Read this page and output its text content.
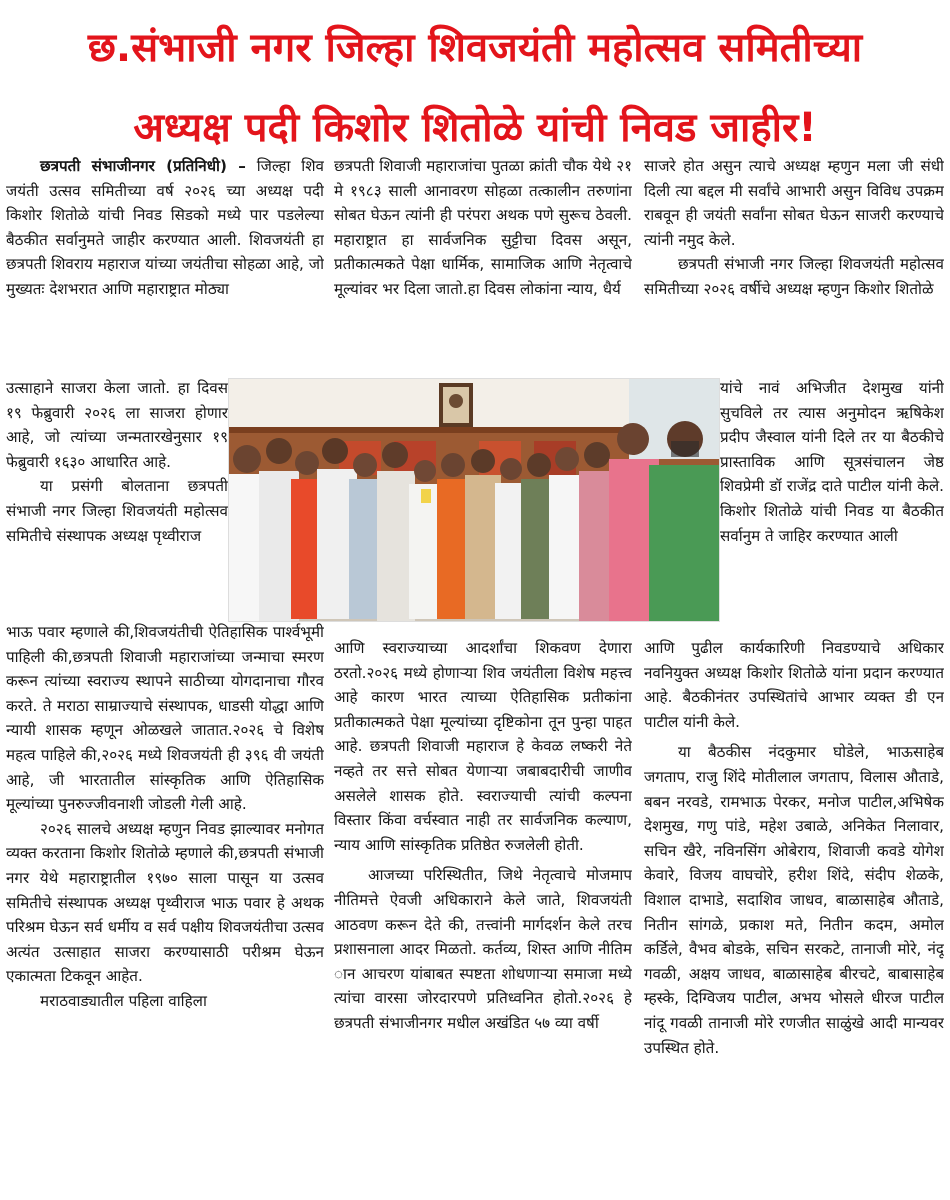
छ.संभाजी नगर जिल्हा शिवजयंती महोत्सव समितीच्या
अध्यक्ष पदी किशोर शितोळे यांची निवड जाहीर!

छत्रपती संभाजीनगर (प्रतिनिधी) – जिल्हा शिव जयंती उत्सव समितीच्या वर्ष २०२६ च्या अध्यक्ष पदी किशोर शितोळे यांची निवड सिडको मध्ये पार पडलेल्या बैठकीत सर्वानुमते जाहीर करण्यात आली. शिवजयंती हा छत्रपती शिवराय महाराज यांच्या जयंतीचा सोहळा आहे, जो मुख्यतः देशभरात आणि महाराष्ट्रात मोठ्या

उत्साहाने साजरा केला जातो. हा दिवस १९ फेब्रुवारी २०२६ ला साजरा होणार आहे, जो त्यांच्या जन्मतारखेनुसार १९ फेब्रुवारी १६३० आधारित आहे.

या प्रसंगी बोलताना छत्रपती संभाजी नगर जिल्हा शिवजयंती महोत्सव समितीचे संस्थापक अध्यक्ष पृथ्वीराज

भाऊ पवार म्हणाले की,शिवजयंतीची ऐतिहासिक पार्श्वभूमी पाहिली की,छत्रपती शिवाजी महाराजांच्या जन्माचा स्मरण करून त्यांच्या स्वराज्य स्थापने साठीच्या योगदानाचा गौरव करते. ते मराठा साम्राज्याचे संस्थापक, धाडसी योद्धा आणि न्यायी शासक म्हणून ओळखले जातात.२०२६ चे विशेष महत्व पाहिले की,२०२६ मध्ये शिवजयंती ही ३९६ वी जयंती आहे, जी भारतातील सांस्कृतिक आणि ऐतिहासिक मूल्यांच्या पुनरुज्जीवनाशी जोडली गेली आहे.

२०२६ सालचे अध्यक्ष म्हणुन निवड झाल्यावर मनोगत व्यक्त करताना किशोर शितोळे म्हणाले की,छत्रपती संभाजी नगर येथे महाराष्ट्रातील १९७० साला पासून या उत्सव समितीचे संस्थापक अध्यक्ष पृथ्वीराज भाऊ पवार हे अथक परिश्रम घेऊन सर्व धर्मीय व सर्व पक्षीय शिवजयंतीचा उत्सव अत्यंत उत्साहात साजरा करण्यासाठी परीश्रम घेऊन एकात्मता टिकवून आहेत.

मराठवाड्यातील पहिला वाहिला

छत्रपती शिवाजी महाराजांचा पुतळा क्रांती चौक येथे २१ मे १९८३ साली आनावरण सोहळा तत्कालीन तरुणांना सोबत घेऊन त्यांनी ही परंपरा अथक पणे सुरूच ठेवली. महाराष्ट्रात हा सार्वजनिक सुट्टीचा दिवस असून, प्रतीकात्मकते पेक्षा धार्मिक, सामाजिक आणि नेतृत्वाचे मूल्यांवर भर दिला जातो.हा दिवस लोकांना न्याय, धैर्य

आणि स्वराज्याच्या आदर्शांचा शिकवण देणारा ठरतो.२०२६ मध्ये होणाऱ्या शिव जयंतीला विशेष महत्त्व आहे कारण भारत त्याच्या ऐतिहासिक प्रतीकांना प्रतीकात्मकते पेक्षा मूल्यांच्या दृष्टिकोना तून पुन्हा पाहत आहे. छत्रपती शिवाजी महाराज हे केवळ लष्करी नेते नव्हते तर सत्ते सोबत येणाऱ्या जबाबदारीची जाणीव असलेले शासक होते. स्वराज्याची त्यांची कल्पना विस्तार किंवा वर्चस्वात नाही तर सार्वजनिक कल्याण, न्याय आणि सांस्कृतिक प्रतिष्ठेत रुजलेली होती.

आजच्या परिस्थितीत, जिथे नेतृत्वाचे मोजमाप नीतिमत्ते ऐवजी अधिकाराने केले जाते, शिवजयंती आठवण करून देते की, तत्त्वांनी मार्गदर्शन केले तरच प्रशासनाला आदर मिळतो. कर्तव्य, शिस्त आणि नीतिम ान आचरण यांबाबत स्पष्टता शोधणाऱ्या समाजा मध्ये त्यांचा वारसा जोरदारपणे प्रतिध्वनित होतो.२०२६ हे छत्रपती संभाजीनगर मधील अखंडित ५७ व्या वर्षी

साजरे होत असुन त्याचे अध्यक्ष म्हणुन मला जी संधी दिली त्या बद्दल मी सर्वांचे आभारी असुन विविध उपक्रम राबवून ही जयंती सर्वांना सोबत घेऊन साजरी करण्याचे त्यांनी नमुद केले.

छत्रपती संभाजी नगर जिल्हा शिवजयंती महोत्सव समितीच्या २०२६ वर्षीचे अध्यक्ष म्हणुन किशोर शितोळे

यांचे नावं अभिजीत देशमुख यांनी सुचविले तर त्यास अनुमोदन ऋषिकेश प्रदीप जैस्वाल यांनी दिले तर या बैठकीचे प्रास्ताविक आणि सूत्रसंचालन जेष्ठ शिवप्रेमी डॉ राजेंद्र दाते पाटील यांनी केले. किशोर शितोळे यांची निवड या बैठकीत सर्वानुम ते जाहिर करण्यात आली

आणि पुढील कार्यकारिणी निवडण्याचे अधिकार नवनियुक्त अध्यक्ष किशोर शितोळे यांना प्रदान करण्यात आहे. बैठकीनंतर उपस्थितांचे आभार व्यक्त डी एन पाटील यांनी केले.

या बैठकीस नंदकुमार घोडेले, भाऊसाहेब जगताप, राजु शिंदे मोतीलाल जगताप, विलास औताडे, बबन नरवडे, रामभाऊ पेरकर, मनोज पाटील,अभिषेक देशमुख, गणु पांडे, महेश उबाळे, अनिकेत निलावार, सचिन खैरे, नविनसिंग ओबेराय, शिवाजी कवडे योगेश केवारे, विजय वाघचोरे, हरीश शिंदे, संदीप शेळके, विशाल दाभाडे, सदाशिव जाधव, बाळासाहेब औताडे, नितीन सांगळे, प्रकाश मते, नितीन कदम, अमोल कर्डिले, वैभव बोडके, सचिन सरकटे, तानाजी मोरे, नंदू गवळी, अक्षय जाधव, बाळासाहेब बीरचटे, बाबासाहेब म्हस्के, दिग्विजय पाटील, अभय भोसले धीरज पाटील नांदू गवळी तानाजी मोरे रणजीत साळुंखे आदी मान्यवर उपस्थित होते.
